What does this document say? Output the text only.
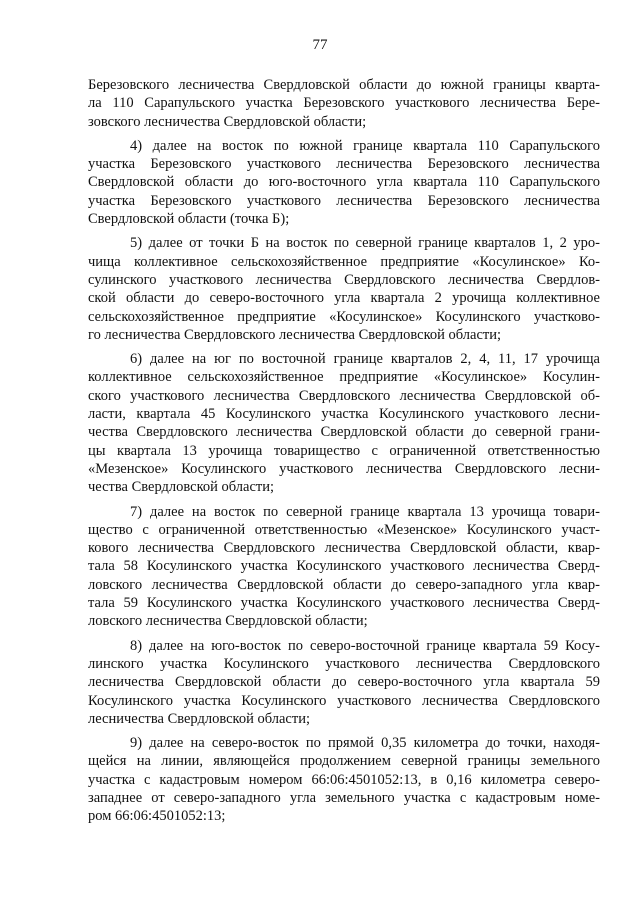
77
Березовского лесничества Свердловской области до южной границы кварта-
ла 110 Сарапульского участка Березовского участкового лесничества Бере-
зовского лесничества Свердловской области;
4) далее на восток по южной границе квартала 110 Сарапульского
участка Березовского участкового лесничества Березовского лесничества
Свердловской области до юго-восточного угла квартала 110 Сарапульского
участка Березовского участкового лесничества Березовского лесничества
Свердловской области (точка Б);
5) далее от точки Б на восток по северной границе кварталов 1, 2 уро-
чища коллективное сельскохозяйственное предприятие «Косулинское» Ко-
сулинского участкового лесничества Свердловского лесничества Свердлов-
ской области до северо-восточного угла квартала 2 урочища коллективное
сельскохозяйственное предприятие «Косулинское» Косулинского участково-
го лесничества Свердловского лесничества Свердловской области;
6) далее на юг по восточной границе кварталов 2, 4, 11, 17 урочища
коллективное сельскохозяйственное предприятие «Косулинское» Косулин-
ского участкового лесничества Свердловского лесничества Свердловской об-
ласти, квартала 45 Косулинского участка Косулинского участкового лесни-
чества Свердловского лесничества Свердловской области до северной грани-
цы квартала 13 урочища товарищество с ограниченной ответственностью
«Мезенское» Косулинского участкового лесничества Свердловского лесни-
чества Свердловской области;
7) далее на восток по северной границе квартала 13 урочища товари-
щество с ограниченной ответственностью «Мезенское» Косулинского участ-
кового лесничества Свердловского лесничества Свердловской области, квар-
тала 58 Косулинского участка Косулинского участкового лесничества Сверд-
ловского лесничества Свердловской области до северо-западного угла квар-
тала 59 Косулинского участка Косулинского участкового лесничества Сверд-
ловского лесничества Свердловской области;
8) далее на юго-восток по северо-восточной границе квартала 59 Косу-
линского участка Косулинского участкового лесничества Свердловского
лесничества Свердловской области до северо-восточного угла квартала 59
Косулинского участка Косулинского участкового лесничества Свердловского
лесничества Свердловской области;
9) далее на северо-восток по прямой 0,35 километра до точки, находя-
щейся на линии, являющейся продолжением северной границы земельного
участка с кадастровым номером 66:06:4501052:13, в 0,16 километра северо-
западнее от северо-западного угла земельного участка с кадастровым номе-
ром 66:06:4501052:13;
